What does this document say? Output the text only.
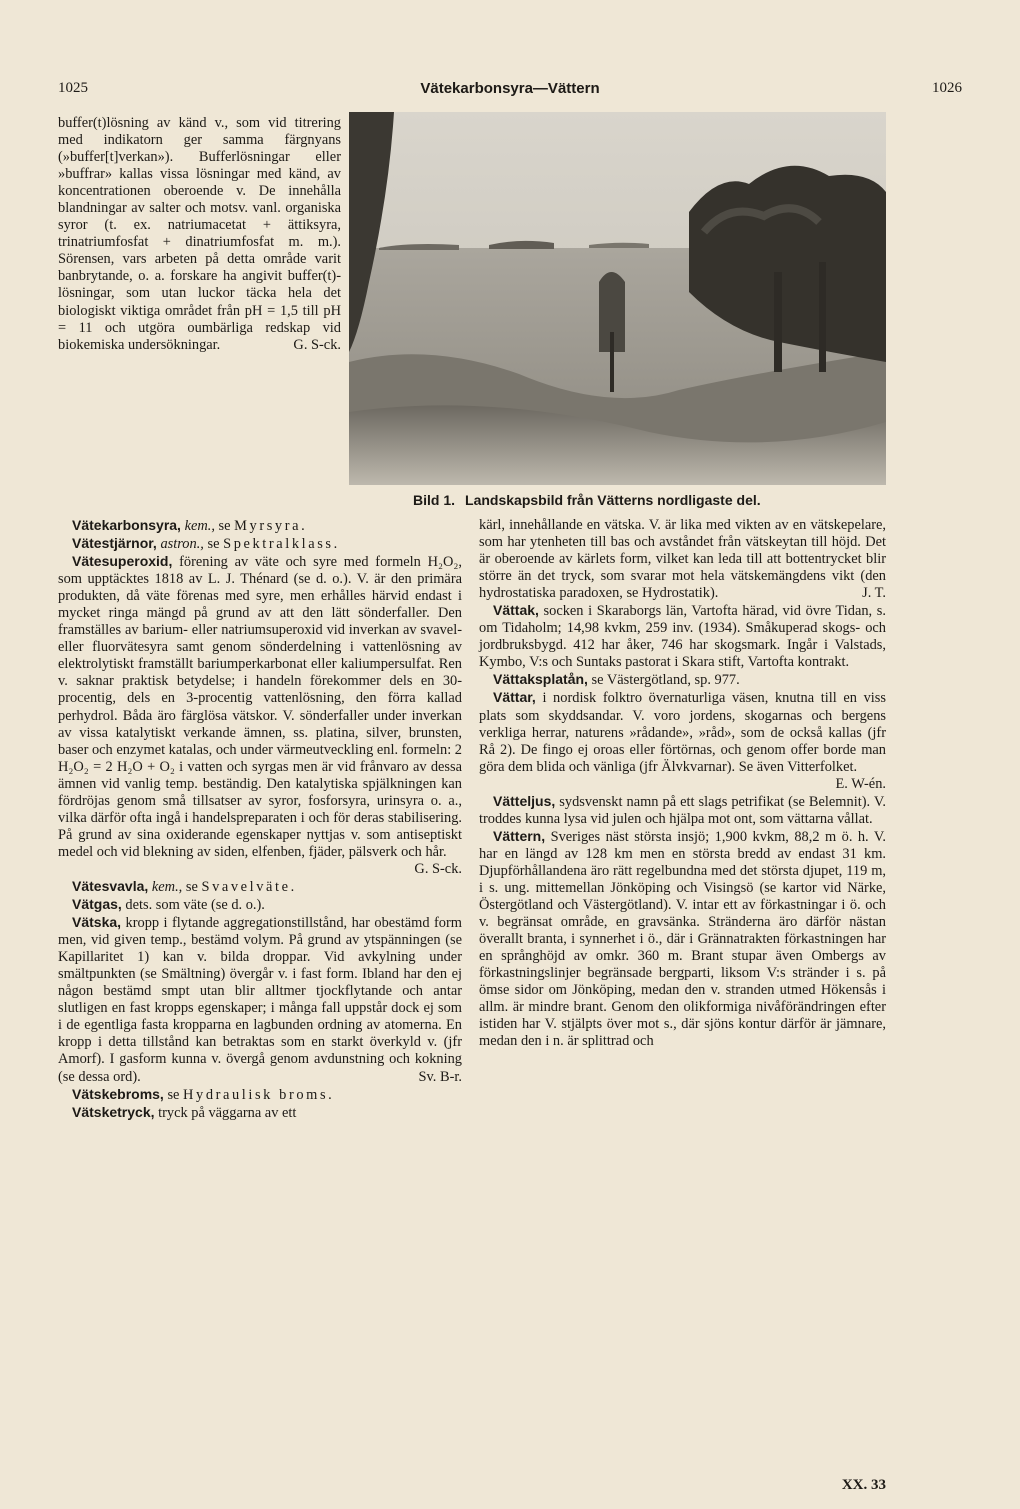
1025	Vätekarbonsyra—Vättern	1026

buffer(t)lösning av känd v., som vid titrering med indikatorn ger samma färgnyans (»buffer[t]verkan»). Bufferlösningar eller »buffrar» kallas vissa lösningar med känd, av koncentrationen oberoende v. De innehålla blandningar av salter och motsv. vanl. organiska syror (t. ex. natriumacetat + ättiksyra, trinatriumfosfat + dinatriumfosfat m. m.). Sörensen, vars arbeten på detta område varit banbrytande, o. a. forskare ha angivit buffer(t)-lösningar, som utan luckor täcka hela det biologiskt viktiga området från pH = 1,5 till pH = 11 och utgöra oumbärliga redskap vid biokemiska undersökningar.	G. S-ck.

Bild 1. Landskapsbild från Vätterns nordligaste del.

Vätekarbonsyra, kem., se Myrsyra.

Vätestjärnor, astron., se Spektralklass.

Vätesuperoxid, förening av väte och syre med formeln H₂O₂, som upptäcktes 1818 av L. J. Thénard (se d. o.). V. är den primära produkten, då väte förenas med syre, men erhålles härvid endast i mycket ringa mängd på grund av att den lätt sönderfaller. Den framställes av barium- eller natriumsuperoxid vid inverkan av svavel- eller fluorvätesyra samt genom sönderdelning i vattenlösning av elektrolytiskt framställt bariumperkarbonat eller kaliumpersulfat. Ren v. saknar praktisk betydelse; i handeln förekommer dels en 30-procentig, dels en 3-procentig vattenlösning, den förra kallad perhydrol. Båda äro färglösa vätskor. V. sönderfaller under inverkan av vissa katalytiskt verkande ämnen, ss. platina, silver, brunsten, baser och enzymet katalas, och under värmeutveckling enl. formeln: 2 H₂O₂ = 2 H₂O + O₂ i vatten och syrgas men är vid frånvaro av dessa ämnen vid vanlig temp. beständig. Den katalytiska spjälkningen kan fördröjas genom små tillsatser av syror, fosforsyra, urinsyra o. a., vilka därför ofta ingå i handelspreparaten i och för deras stabilisering. På grund av sina oxiderande egenskaper nyttjas v. som antiseptiskt medel och vid blekning av siden, elfenben, fjäder, pälsverk och hår.
G. S-ck.

Vätesvavla, kem., se Svavelväte.

Vätgas, dets. som väte (se d. o.).

Vätska, kropp i flytande aggregationstillstånd, har obestämd form men, vid given temp., bestämd volym. På grund av ytspänningen (se Kapillaritet 1) kan v. bilda droppar. Vid avkylning under smältpunkten (se Smältning) övergår v. i fast form. Ibland har den ej någon bestämd smpt utan blir alltmer tjockflytande och antar slutligen en fast kropps egenskaper; i många fall uppstår dock ej som i de egentliga fasta kropparna en lagbunden ordning av atomerna. En kropp i detta tillstånd kan betraktas som en starkt överkyld v. (jfr Amorf). I gasform kunna v. övergå genom avdunstning och kokning (se dessa ord).	Sv. B-r.

Vätskebroms, se Hydraulisk broms.

Vätsketryck, tryck på väggarna av ett

kärl, innehållande en vätska. V. är lika med vikten av en vätskepelare, som har ytenheten till bas och avståndet från vätskeytan till höjd. Det är oberoende av kärlets form, vilket kan leda till att bottentrycket blir större än det tryck, som svarar mot hela vätskemängdens vikt (den hydrostatiska paradoxen, se Hydrostatik).	J. T.

Vättak, socken i Skaraborgs län, Vartofta härad, vid övre Tidan, s. om Tidaholm; 14,98 kvkm, 259 inv. (1934). Småkuperad skogs- och jordbruksbygd. 412 har åker, 746 har skogsmark. Ingår i Valstads, Kymbo, V:s och Suntaks pastorat i Skara stift, Vartofta kontrakt.

Vättaksplatån, se Västergötland, sp. 977.

Vättar, i nordisk folktro övernaturliga väsen, knutna till en viss plats som skyddsandar. V. voro jordens, skogarnas och bergens verkliga herrar, naturens »rådande», »råd», som de också kallas (jfr Rå 2). De fingo ej oroas eller förtörnas, och genom offer borde man göra dem blida och vänliga (jfr Älvkvarnar). Se även Vitterfolket.
E. W-én.

Vätteljus, sydsvenskt namn på ett slags petrifikat (se Belemnit). V. troddes kunna lysa vid julen och hjälpa mot ont, som vättarna vållat.

Vättern, Sveriges näst största insjö; 1,900 kvkm, 88,2 m ö. h. V. har en längd av 128 km men en största bredd av endast 31 km. Djupförhållandena äro rätt regelbundna med det största djupet, 119 m, i s. ung. mittemellan Jönköping och Visingsö (se kartor vid Närke, Östergötland och Västergötland). V. intar ett av förkastningar i ö. och v. begränsat område, en gravsänka. Stränderna äro därför nästan överallt branta, i synnerhet i ö., där i Grännatrakten förkastningen har en språnghöjd av omkr. 360 m. Brant stupar även Ombergs av förkastningslinjer begränsade bergparti, liksom V:s stränder i s. på ömse sidor om Jönköping, medan den v. stranden utmed Hökensås i allm. är mindre brant. Genom den olikformiga nivåförändringen efter istiden har V. stjälpts över mot s., där sjöns kontur därför är jämnare, medan den i n. är splittrad och

XX. 33
